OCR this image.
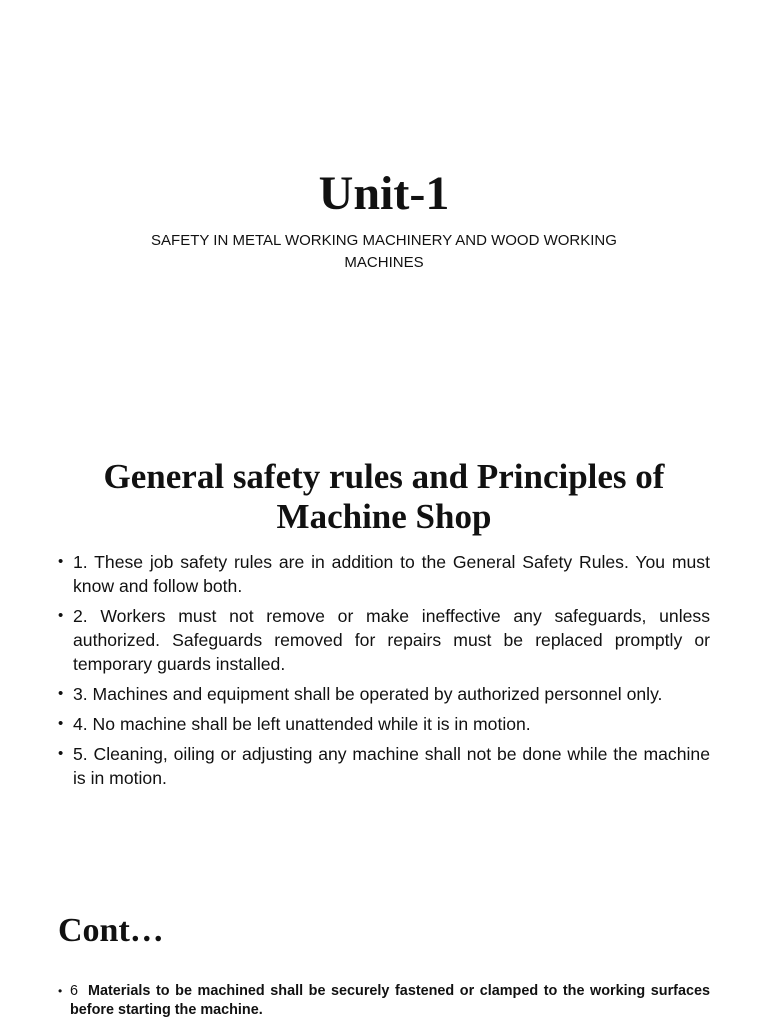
Unit-1

SAFETY IN METAL WORKING MACHINERY AND WOOD WORKING MACHINES

General safety rules and Principles of
Machine Shop
• 1. These job safety rules are in addition to the General Safety Rules. You must know and follow both.
• 2. Workers must not remove or make ineffective any safeguards, unless authorized. Safeguards removed for repairs must be replaced promptly or temporary guards installed.
• 3. Machines and equipment shall be operated by authorized personnel only.
• 4. No machine shall be left unattended while it is in motion.
• 5. Cleaning, oiling or adjusting any machine shall not be done while the machine is in motion.
Cont…
• 6 Materials to be machined shall be securely fastened or clamped to the working surfaces before starting the machine.
